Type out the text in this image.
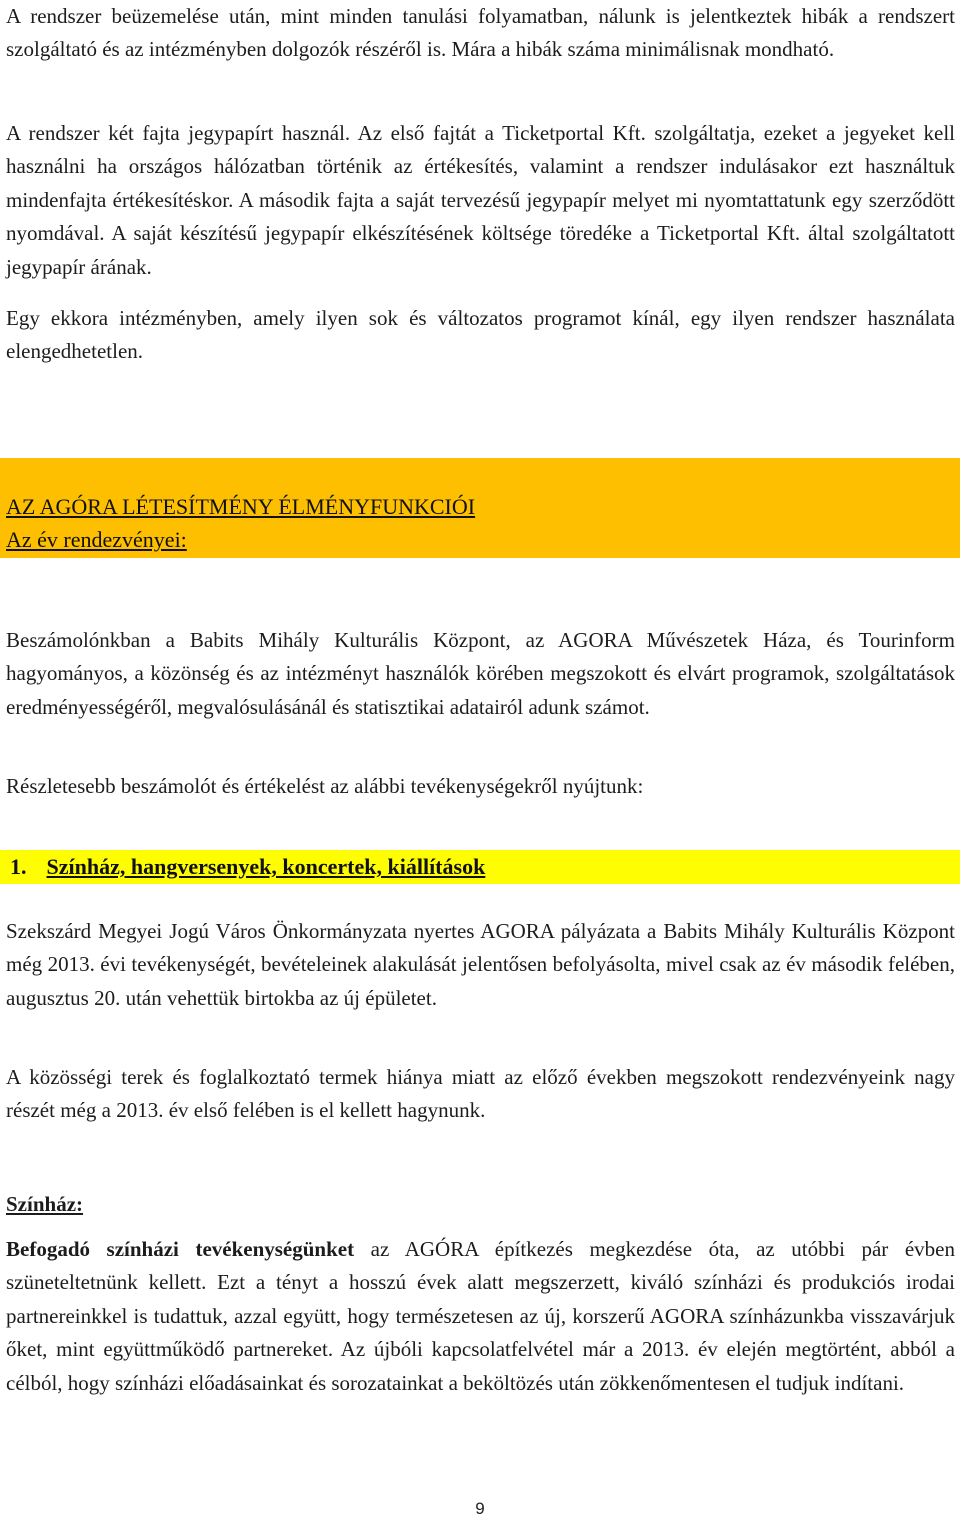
A rendszer beüzemelése után, mint minden tanulási folyamatban, nálunk is jelentkeztek hibák a rendszert szolgáltató és az intézményben dolgozók részéről is. Mára a hibák száma minimálisnak mondható.

A rendszer két fajta jegypapírt használ. Az első fajtát a Ticketportal Kft. szolgáltatja, ezeket a jegyeket kell használni ha országos hálózatban történik az értékesítés, valamint a rendszer indulásakor ezt használtuk mindenfajta értékesítéskor. A második fajta a saját tervezésű jegypapír melyet mi nyomtattatunk egy szerződött nyomdával. A saját készítésű jegypapír elkészítésének költsége töredéke a Ticketportal Kft. által szolgáltatott jegypapír árának.

Egy ekkora intézményben, amely ilyen sok és változatos programot kínál, egy ilyen rendszer használata elengedhetetlen.

AZ AGÓRA LÉTESÍTMÉNY ÉLMÉNYFUNKCIÓI
Az év rendezvényei:

Beszámolónkban a Babits Mihály Kulturális Központ, az AGORA Művészetek Háza, és Tourinform hagyományos, a közönség és az intézményt használók körében megszokott és elvárt programok, szolgáltatások eredményességéről, megvalósulásánál és statisztikai adatairól adunk számot.

Részletesebb beszámolót és értékelést az alábbi tevékenységekről nyújtunk:

1. Színház, hangversenyek, koncertek, kiállítások

Szekszárd Megyei Jogú Város Önkormányzata nyertes AGORA pályázata a Babits Mihály Kulturális Központ még 2013. évi tevékenységét, bevételeinek alakulását jelentősen befolyásolta, mivel csak az év második felében, augusztus 20. után vehettük birtokba az új épületet.

A közösségi terek és foglalkoztató termek hiánya miatt az előző években megszokott rendezvényeink nagy részét még a 2013. év első felében is el kellett hagynunk.

Színház:

Befogadó színházi tevékenységünket az AGÓRA építkezés megkezdése óta, az utóbbi pár évben szüneteltetnünk kellett. Ezt a tényt a hosszú évek alatt megszerzett, kiváló színházi és produkciós irodai partnereinkkel is tudattuk, azzal együtt, hogy természetesen az új, korszerű AGORA színházunkba visszavárjuk őket, mint együttműködő partnereket. Az újbóli kapcsolatfelvétel már a 2013. év elején megtörtént, abból a célból, hogy színházi előadásainkat és sorozatainkat a beköltözés után zökkenőmentesen el tudjuk indítani.

9
